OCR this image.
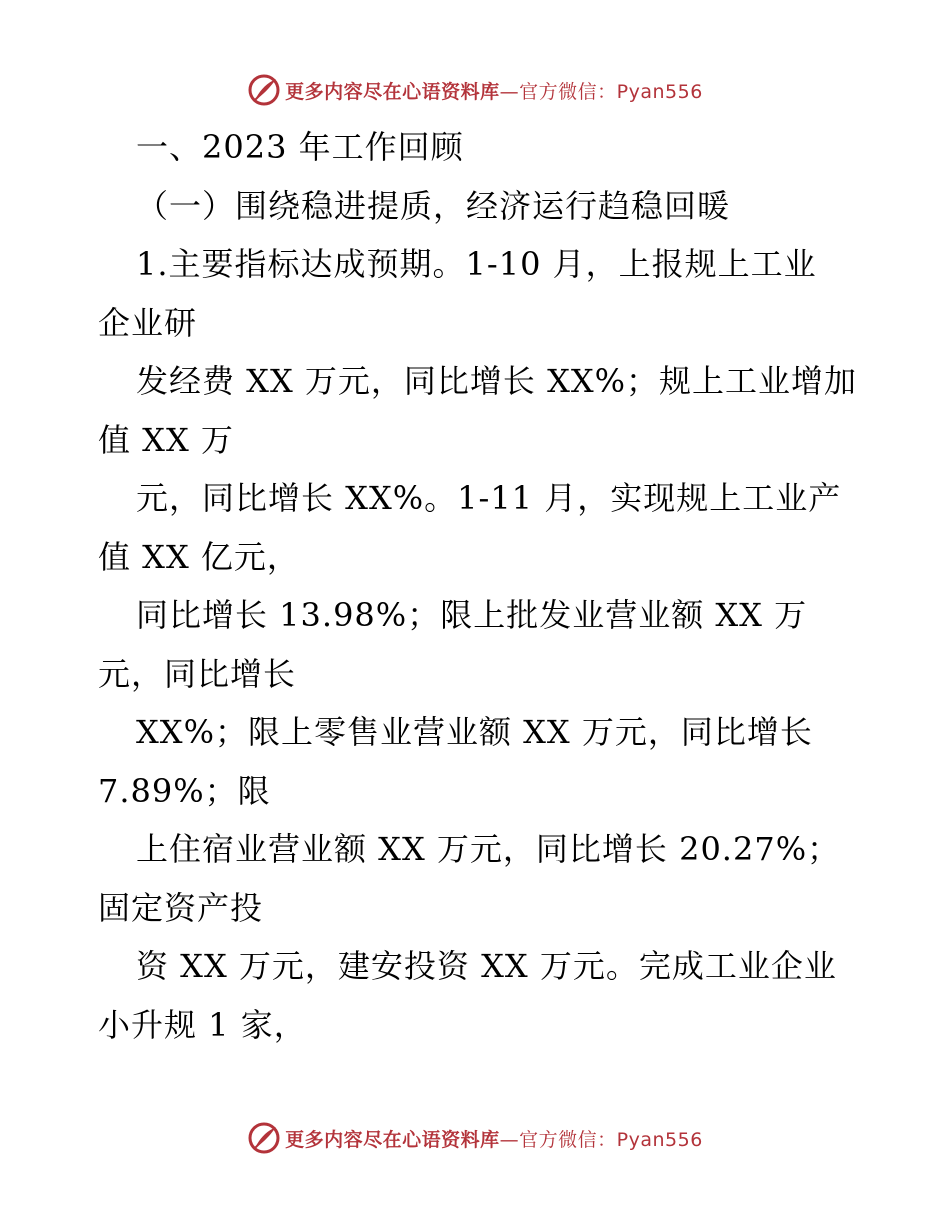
更多内容尽在心语资料库—官方微信：Pyan556
一、2023 年工作回顾
（一）围绕稳进提质，经济运行趋稳回暖
1.主要指标达成预期。1-10 月，上报规上工业
企业研
发经费 XX 万元，同比增长 XX%；规上工业增加
值 XX 万
元，同比增长 XX%。1-11 月，实现规上工业产
值 XX 亿元，
同比增长 13.98%；限上批发业营业额 XX 万
元，同比增长
XX%；限上零售业营业额 XX 万元，同比增长
7.89%；限
上住宿业营业额 XX 万元，同比增长 20.27%；
固定资产投
资 XX 万元，建安投资 XX 万元。完成工业企业
小升规 1 家，
更多内容尽在心语资料库—官方微信：Pyan556
